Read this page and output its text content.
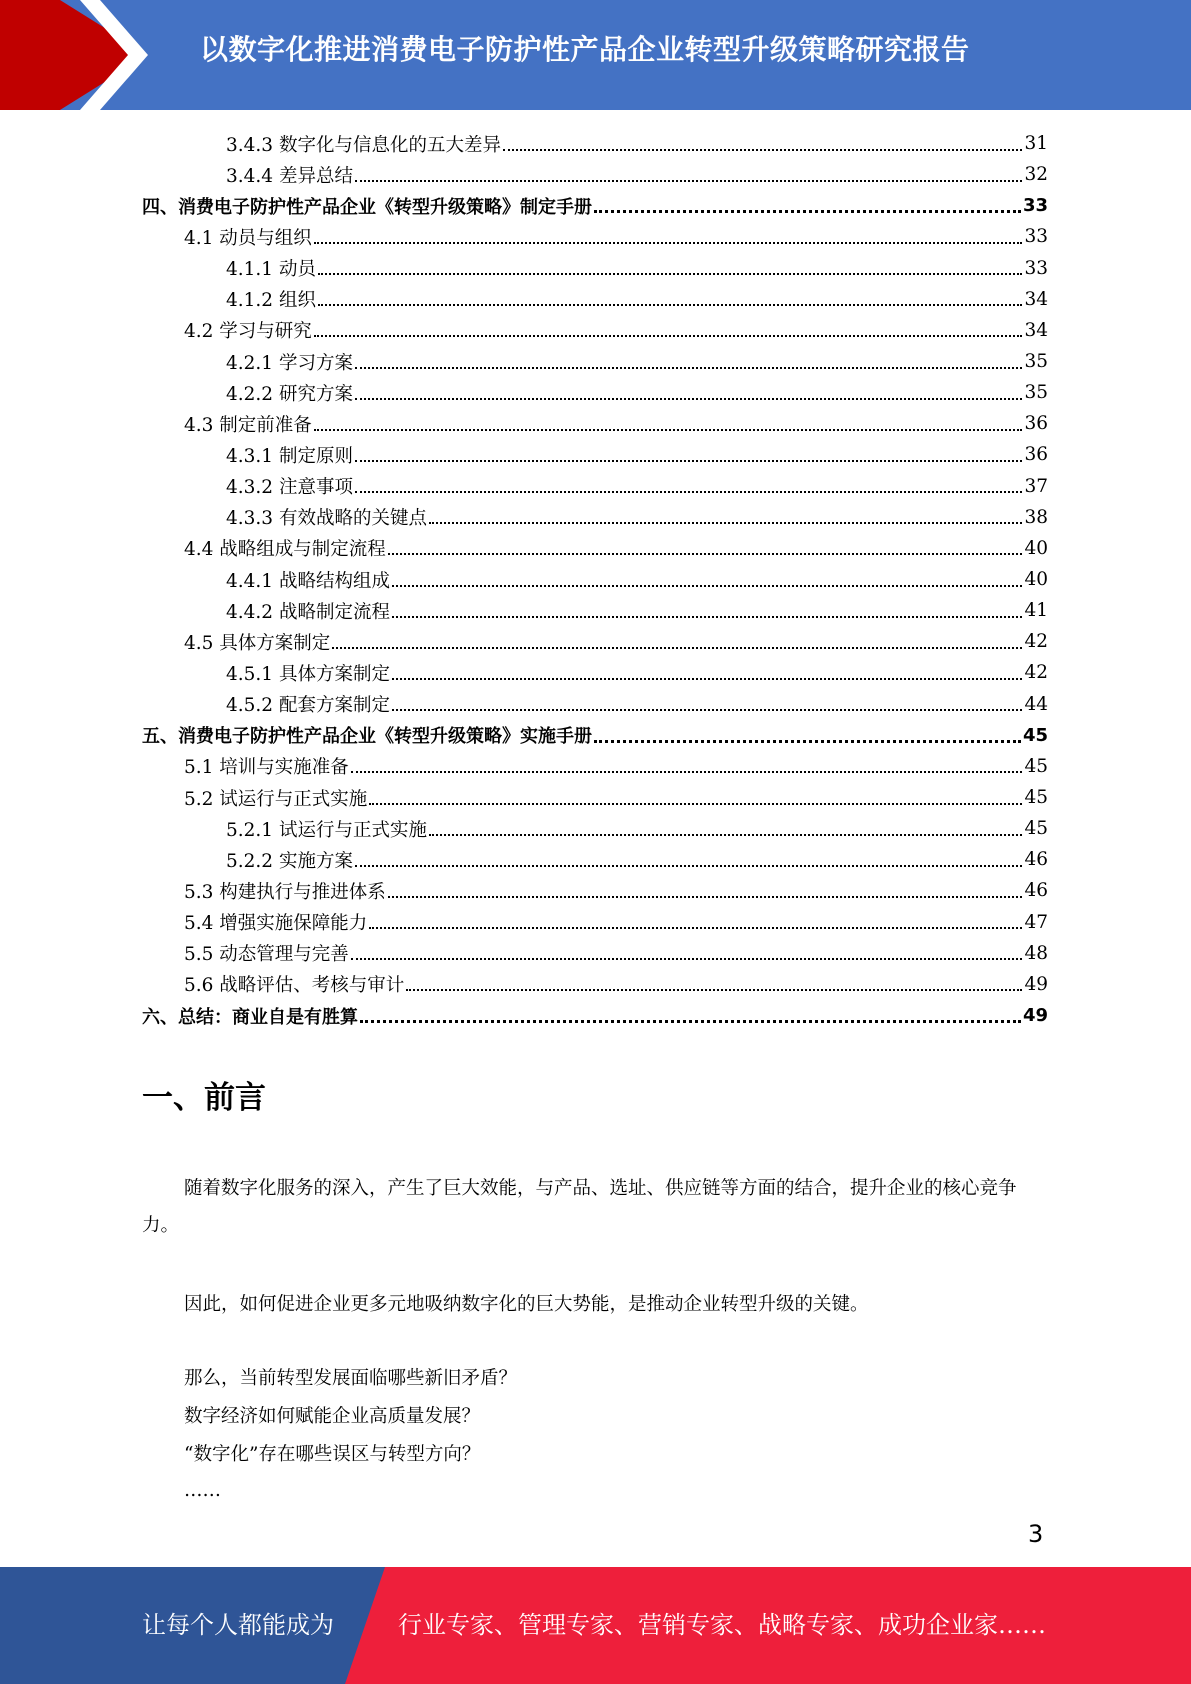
以数字化推进消费电子防护性产品企业转型升级策略研究报告
3.4.3 数字化与信息化的五大差异	31
3.4.4 差异总结	32
四、消费电子防护性产品企业《转型升级策略》制定手册	33
4.1 动员与组织	33
4.1.1 动员	33
4.1.2 组织	34
4.2 学习与研究	34
4.2.1 学习方案	35
4.2.2 研究方案	35
4.3 制定前准备	36
4.3.1 制定原则	36
4.3.2 注意事项	37
4.3.3 有效战略的关键点	38
4.4 战略组成与制定流程	40
4.4.1 战略结构组成	40
4.4.2 战略制定流程	41
4.5 具体方案制定	42
4.5.1 具体方案制定	42
4.5.2 配套方案制定	44
五、消费电子防护性产品企业《转型升级策略》实施手册	45
5.1 培训与实施准备	45
5.2 试运行与正式实施	45
5.2.1 试运行与正式实施	45
5.2.2 实施方案	46
5.3 构建执行与推进体系	46
5.4 增强实施保障能力	47
5.5 动态管理与完善	48
5.6 战略评估、考核与审计	49
六、总结：商业自是有胜算	49
一、前言
随着数字化服务的深入，产生了巨大效能，与产品、选址、供应链等方面的结合，提升企业的核心竞争力。
因此，如何促进企业更多元地吸纳数字化的巨大势能，是推动企业转型升级的关键。
那么，当前转型发展面临哪些新旧矛盾？
数字经济如何赋能企业高质量发展？
“数字化”存在哪些误区与转型方向？
……
3
让每个人都能成为	行业专家、管理专家、营销专家、战略专家、成功企业家……
